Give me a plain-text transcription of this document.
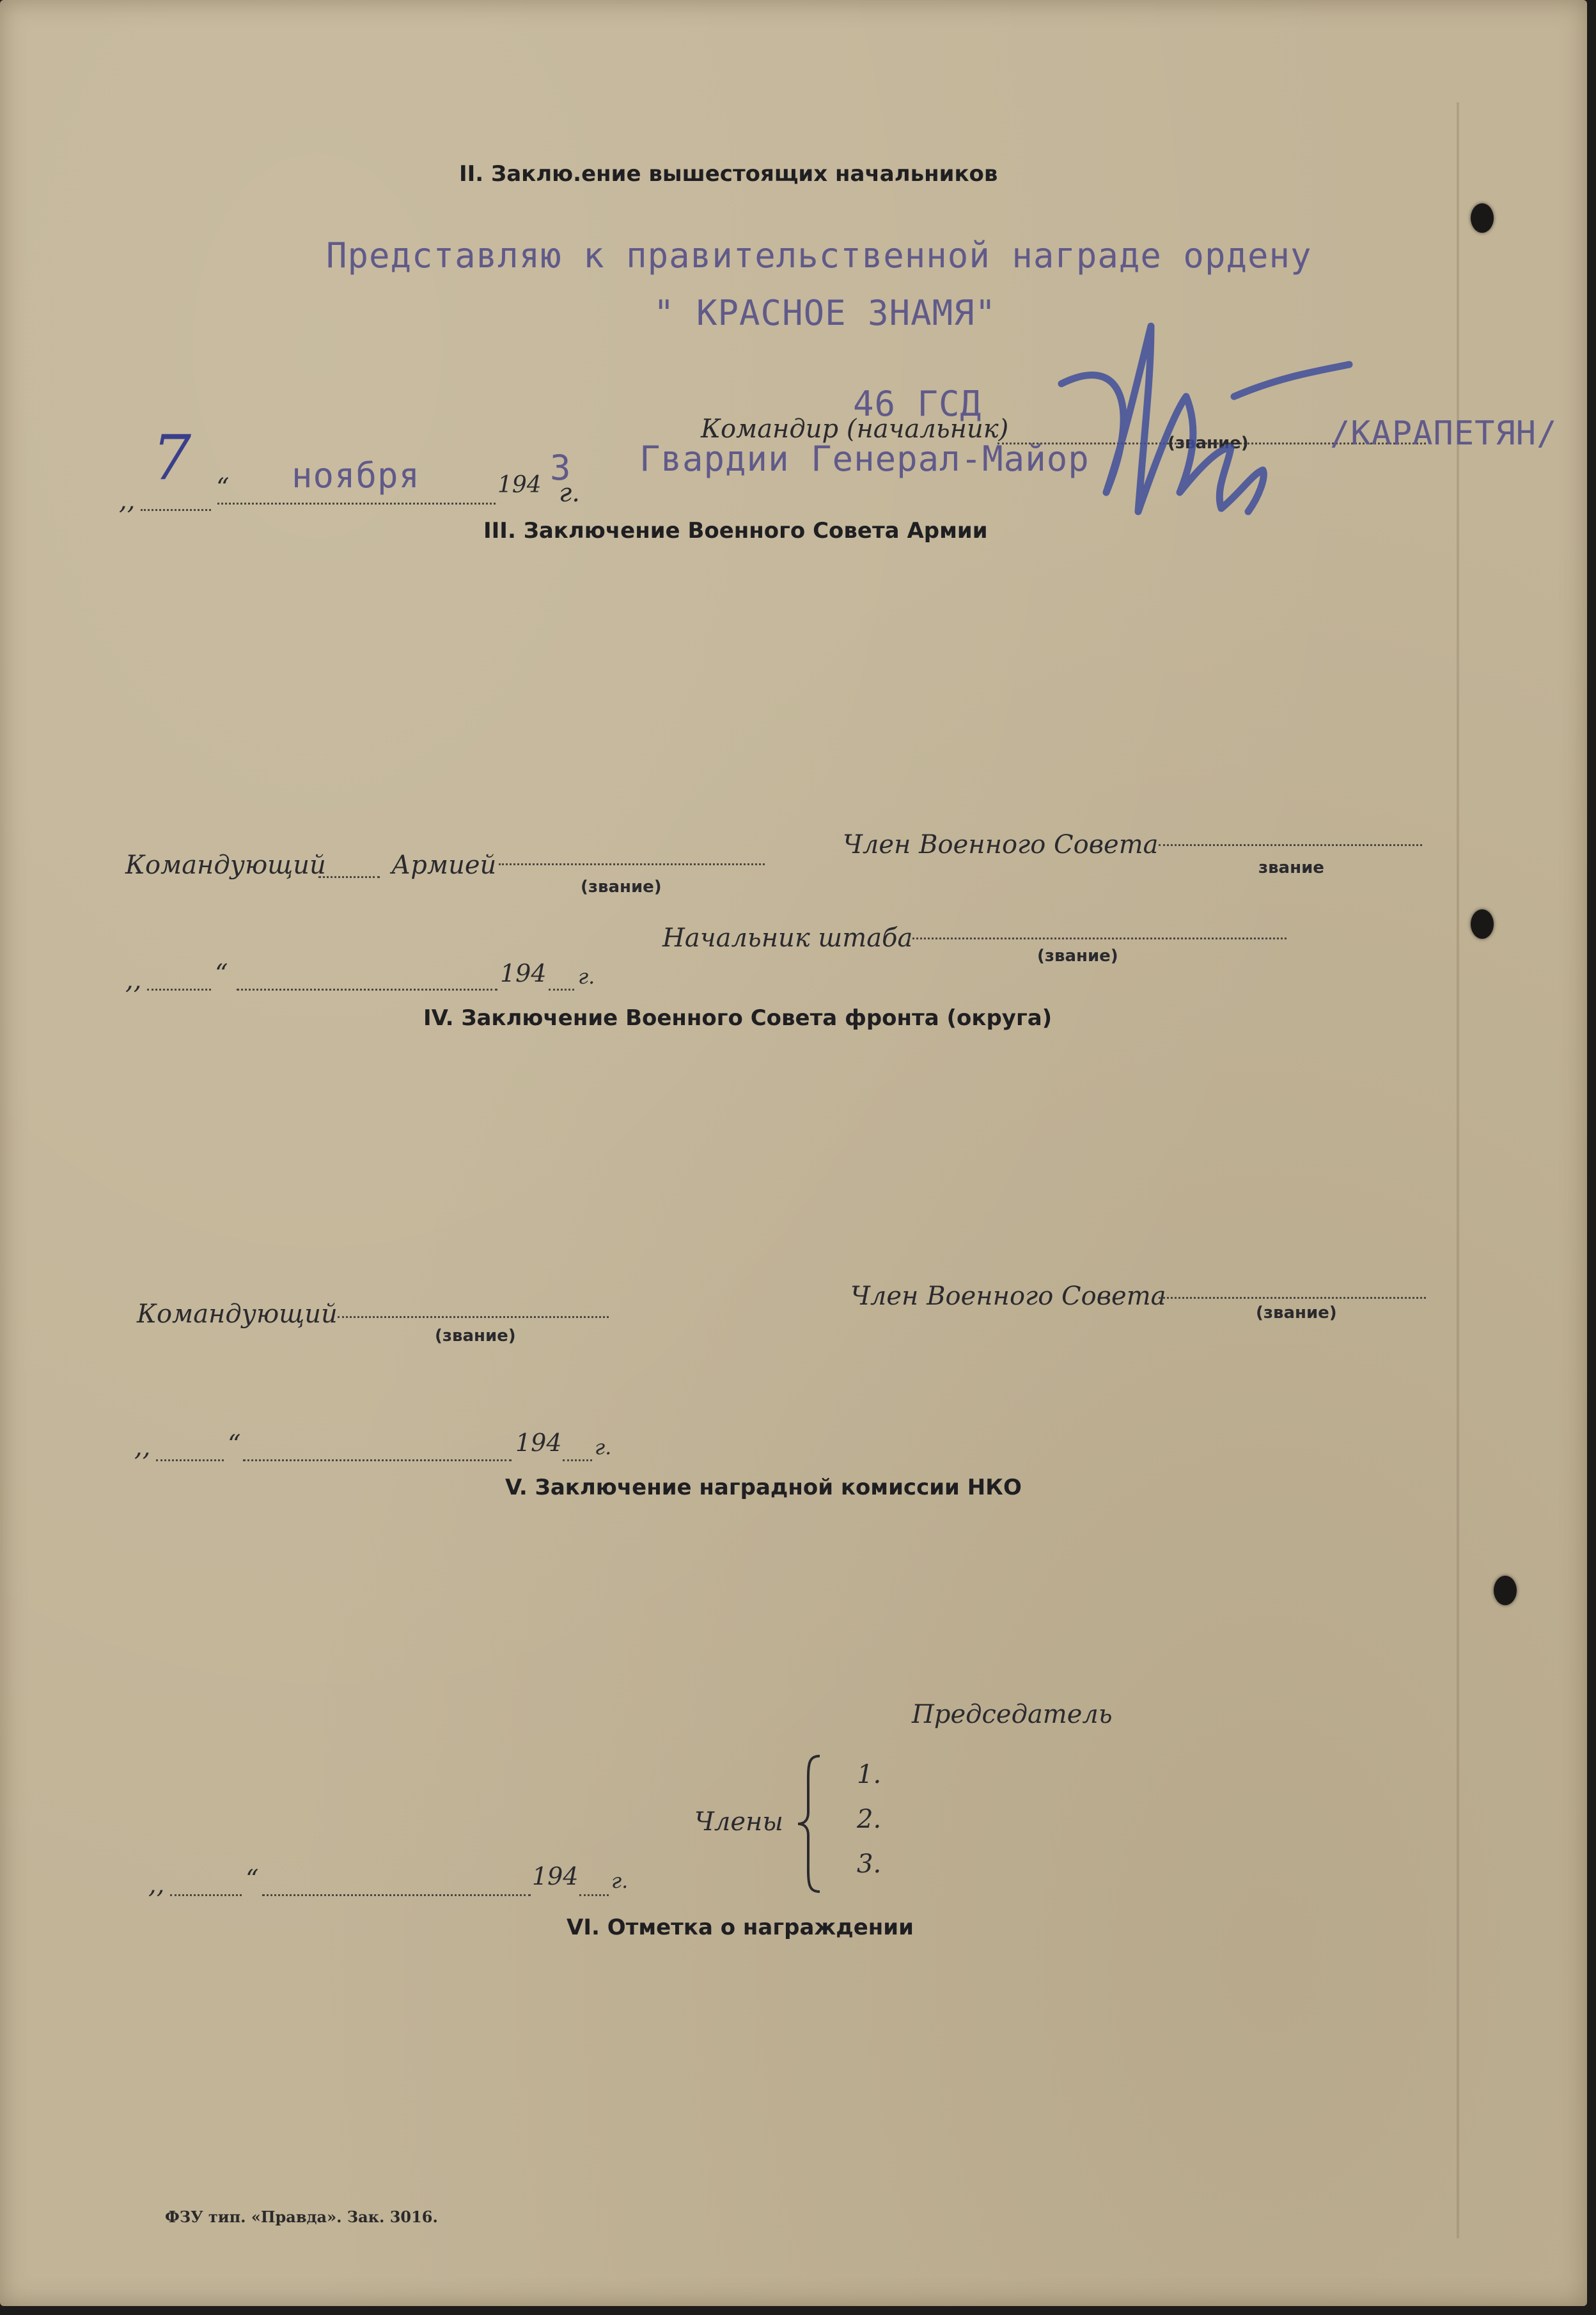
II. Заклю.ение вышестоящих начальников
Представляю к правительственной награде ордену
" КРАСНОЕ ЗНАМЯ"
46 ГСД
Командир (начальник)
,,
7 “ ноября	194 3
г.
Гвардии Генерал-Майор	(звание) /КАРАПЕТЯН/
III. Заключение Военного Совета Армии
Командующий	Армией
(звание)
Член Военного Совета
звание
Начальник штаба
(звание)
,,	“	194 г.
IV. Заключение Военного Совета фронта (округа)
Командующий
(звание)
Член Военного Совета
(звание)
,,	“	194 г.
V. Заключение наградной комиссии НКО
Председатель
Члены
1.
2.
3.
,,	“	194 г.
VI. Отметка о награждении
ФЗУ тип. «Правда». Зак. 3016.
